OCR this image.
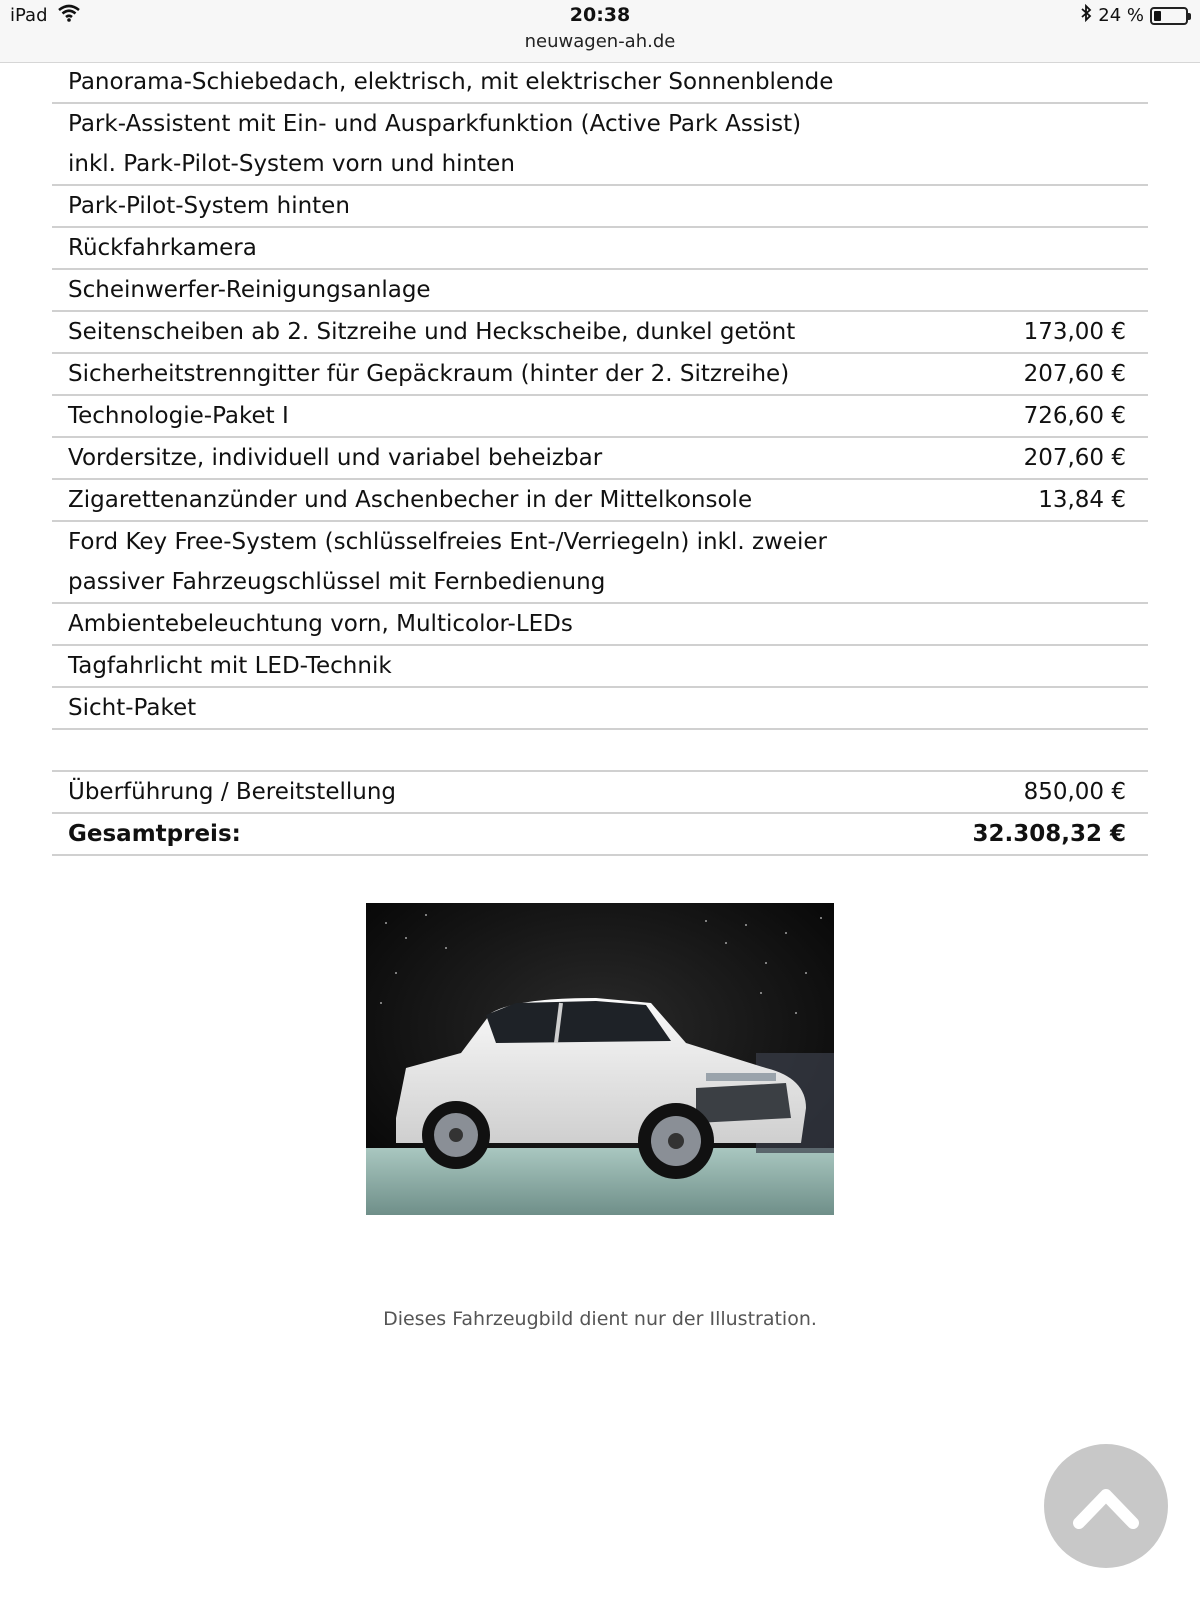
iPad	20:38
neuwagen-ah.de
24 %
Panorama-Schiebedach, elektrisch, mit elektrischer Sonnenblende
Park-Assistent mit Ein- und Ausparkfunktion (Active Park Assist) inkl. Park-Pilot-System vorn und hinten
Park-Pilot-System hinten
Rückfahrkamera
Scheinwerfer-Reinigungsanlage
Seitenscheiben ab 2. Sitzreihe und Heckscheibe, dunkel getönt	173,00 €
Sicherheitstrenngitter für Gepäckraum (hinter der 2. Sitzreihe)	207,60 €
Technologie-Paket I	726,60 €
Vordersitze, individuell und variabel beheizbar	207,60 €
Zigarettenanzünder und Aschenbecher in der Mittelkonsole	13,84 €
Ford Key Free-System (schlüsselfreies Ent-/Verriegeln) inkl. zweier passiver Fahrzeugschlüssel mit Fernbedienung
Ambientebeleuchtung vorn, Multicolor-LEDs
Tagfahrlicht mit LED-Technik
Sicht-Paket
Überführung / Bereitstellung	850,00 €
Gesamtpreis:	32.308,32 €
Dieses Fahrzeugbild dient nur der Illustration.
